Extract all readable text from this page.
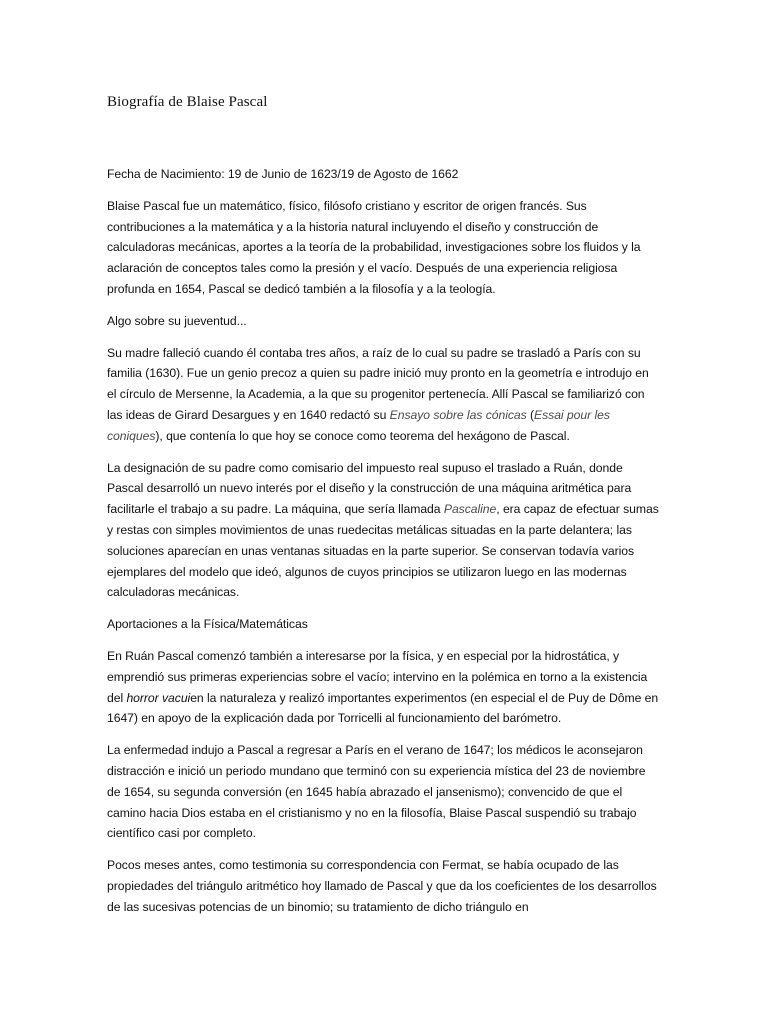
Biografía de Blaise Pascal

Fecha de Nacimiento: 19 de Junio de 1623/19 de Agosto de 1662

Blaise Pascal fue un matemático, físico, filósofo cristiano y escritor de origen francés. Sus contribuciones a la matemática y a la historia natural incluyendo el diseño y construcción de calculadoras mecánicas, aportes a la teoría de la probabilidad, investigaciones sobre los fluidos y la aclaración de conceptos tales como la presión y el vacío. Después de una experiencia religiosa profunda en 1654, Pascal se dedicó también a la filosofía y a la teología.

Algo sobre su jueventud...

Su madre falleció cuando él contaba tres años, a raíz de lo cual su padre se trasladó a París con su familia (1630). Fue un genio precoz a quien su padre inició muy pronto en la geometría e introdujo en el círculo de Mersenne, la Academia, a la que su progenitor pertenecía. Allí Pascal se familiarizó con las ideas de Girard Desargues y en 1640 redactó su Ensayo sobre las cónicas (Essai pour les coniques), que contenía lo que hoy se conoce como teorema del hexágono de Pascal.

La designación de su padre como comisario del impuesto real supuso el traslado a Ruán, donde Pascal desarrolló un nuevo interés por el diseño y la construcción de una máquina aritmética para facilitarle el trabajo a su padre. La máquina, que sería llamada Pascaline, era capaz de efectuar sumas y restas con simples movimientos de unas ruedecitas metálicas situadas en la parte delantera; las soluciones aparecían en unas ventanas situadas en la parte superior. Se conservan todavía varios ejemplares del modelo que ideó, algunos de cuyos principios se utilizaron luego en las modernas calculadoras mecánicas.

Aportaciones a la Física/Matemáticas

En Ruán Pascal comenzó también a interesarse por la física, y en especial por la hidrostática, y emprendió sus primeras experiencias sobre el vacío; intervino en la polémica en torno a la existencia del horror vacuien la naturaleza y realizó importantes experimentos (en especial el de Puy de Dôme en 1647) en apoyo de la explicación dada por Torricelli al funcionamiento del barómetro.

La enfermedad indujo a Pascal a regresar a París en el verano de 1647; los médicos le aconsejaron distracción e inició un periodo mundano que terminó con su experiencia mística del 23 de noviembre de 1654, su segunda conversión (en 1645 había abrazado el jansenismo); convencido de que el camino hacia Dios estaba en el cristianismo y no en la filosofía, Blaise Pascal suspendió su trabajo científico casi por completo.

Pocos meses antes, como testimonia su correspondencia con Fermat, se había ocupado de las propiedades del triángulo aritmético hoy llamado de Pascal y que da los coeficientes de los desarrollos de las sucesivas potencias de un binomio; su tratamiento de dicho triángulo en
